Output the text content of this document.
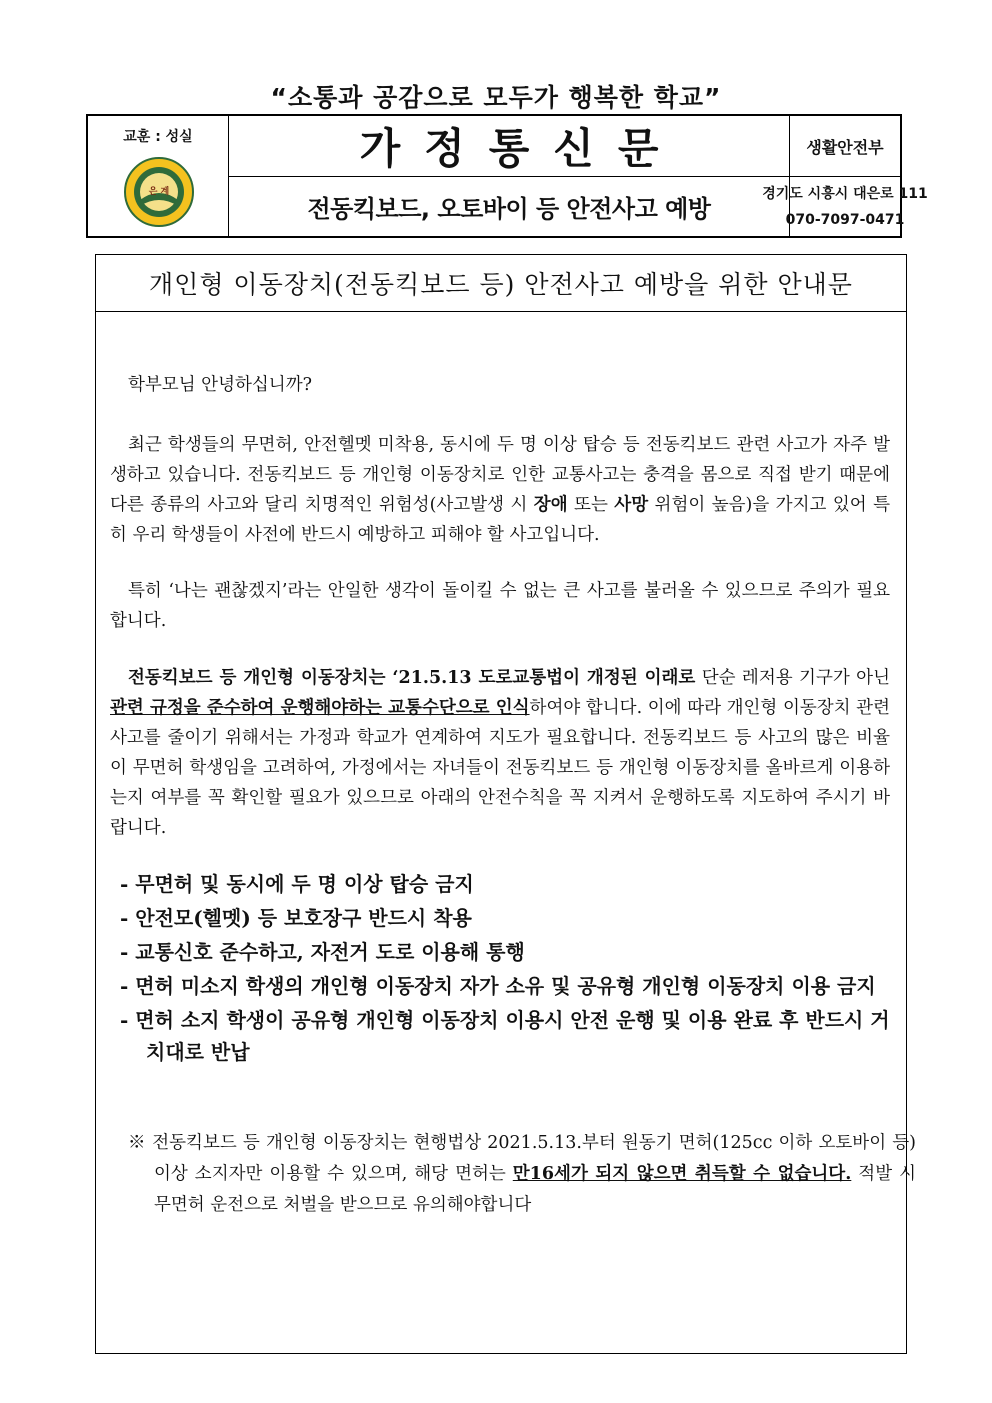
“소통과 공감으로 모두가 행복한 학교”
교훈 : 성실
은 계
가정통신문
전동킥보드, 오토바이 등 안전사고 예방
생활안전부
경기도 시흥시 대은로 111
070-7097-0471
개인형 이동장치(전동킥보드 등) 안전사고 예방을 위한 안내문
학부모님 안녕하십니까?
최근 학생들의 무면허, 안전헬멧 미착용, 동시에 두 명 이상 탑승 등 전동킥보드 관련 사고가 자주 발생하고 있습니다. 전동킥보드 등 개인형 이동장치로 인한 교통사고는 충격을 몸으로 직접 받기 때문에 다른 종류의 사고와 달리 치명적인 위험성(사고발생 시 장애 또는 사망 위험이 높음)을 가지고 있어 특히 우리 학생들이 사전에 반드시 예방하고 피해야 할 사고입니다.
특히 ‘나는 괜찮겠지’라는 안일한 생각이 돌이킬 수 없는 큰 사고를 불러올 수 있으므로 주의가 필요합니다.
전동킥보드 등 개인형 이동장치는 ‘21.5.13 도로교통법이 개정된 이래로 단순 레저용 기구가 아닌 관련 규정을 준수하여 운행해야하는 교통수단으로 인식하여야 합니다. 이에 따라 개인형 이동장치 관련 사고를 줄이기 위해서는 가정과 학교가 연계하여 지도가 필요합니다. 전동킥보드 등 사고의 많은 비율이 무면허 학생임을 고려하여, 가정에서는 자녀들이 전동킥보드 등 개인형 이동장치를 올바르게 이용하는지 여부를 꼭 확인할 필요가 있으므로 아래의 안전수칙을 꼭 지켜서 운행하도록 지도하여 주시기 바랍니다.
- 무면허 및 동시에 두 명 이상 탑승 금지
- 안전모(헬멧) 등 보호장구 반드시 착용
- 교통신호 준수하고, 자전거 도로 이용해 통행
- 면허 미소지 학생의 개인형 이동장치 자가 소유 및 공유형 개인형 이동장치 이용 금지
- 면허 소지 학생이 공유형 개인형 이동장치 이용시 안전 운행 및 이용 완료 후 반드시 거치대로 반납
※ 전동킥보드 등 개인형 이동장치는 현행법상 2021.5.13.부터 원동기 면허(125cc 이하 오토바이 등) 이상 소지자만 이용할 수 있으며, 해당 면허는 만16세가 되지 않으면 취득할 수 없습니다. 적발 시 무면허 운전으로 처벌을 받으므로 유의해야합니다
